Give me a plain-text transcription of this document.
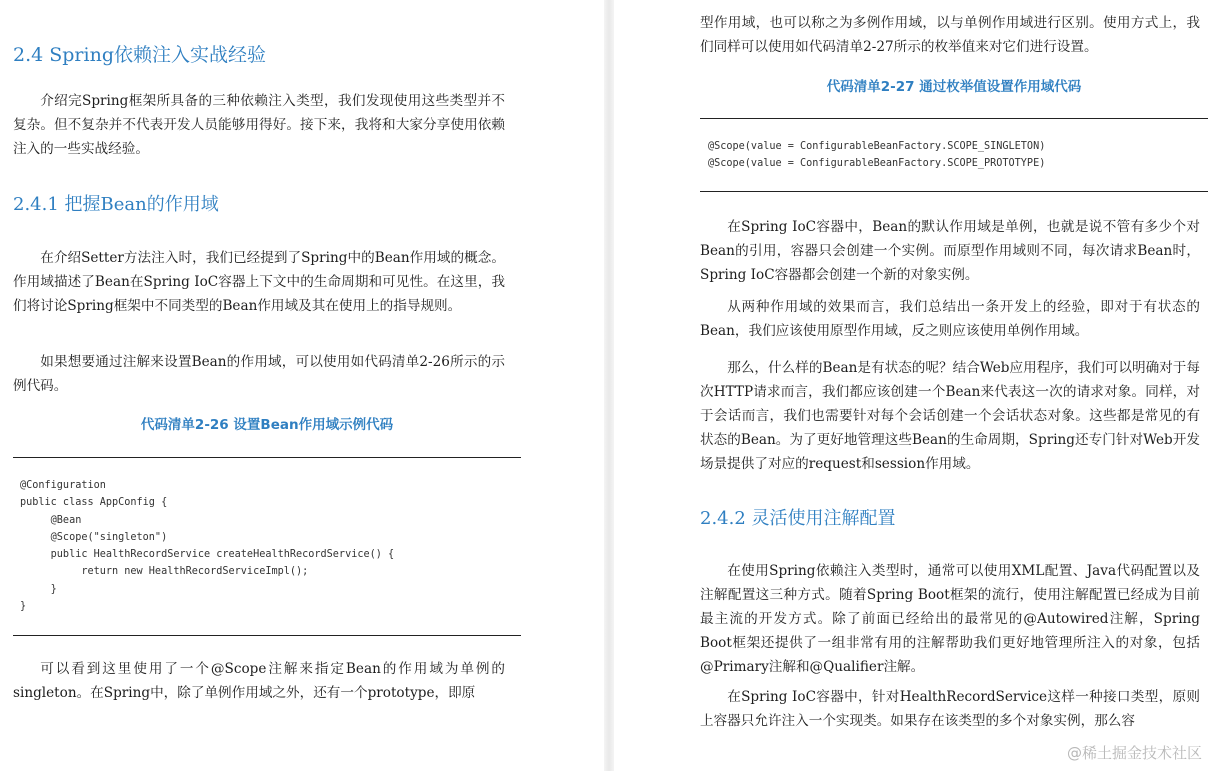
2.4 Spring依赖注入实战经验

介绍完Spring框架所具备的三种依赖注入类型，我们发现使用这些类型并不复杂。但不复杂并不代表开发人员能够用得好。接下来，我将和大家分享使用依赖注入的一些实战经验。

2.4.1 把握Bean的作用域

在介绍Setter方法注入时，我们已经提到了Spring中的Bean作用域的概念。作用域描述了Bean在Spring IoC容器上下文中的生命周期和可见性。在这里，我们将讨论Spring框架中不同类型的Bean作用域及其在使用上的指导规则。

如果想要通过注解来设置Bean的作用域，可以使用如代码清单2-26所示的示例代码。

代码清单2-26 设置Bean作用域示例代码
@Configuration
public class AppConfig {
@Bean
@Scope("singleton")
public HealthRecordService createHealthRecordService() {
return new HealthRecordServiceImpl();
}
}

可以看到这里使用了一个@Scope注解来指定Bean的作用域为单例的singleton。在Spring中，除了单例作用域之外，还有一个prototype，即原

型作用域，也可以称之为多例作用域，以与单例作用域进行区别。使用方式上，我们同样可以使用如代码清单2-27所示的枚举值来对它们进行设置。

代码清单2-27 通过枚举值设置作用域代码
@Scope(value = ConfigurableBeanFactory.SCOPE_SINGLETON)
@Scope(value = ConfigurableBeanFactory.SCOPE_PROTOTYPE)

在Spring IoC容器中，Bean的默认作用域是单例，也就是说不管有多少个对Bean的引用，容器只会创建一个实例。而原型作用域则不同，每次请求Bean时，Spring IoC容器都会创建一个新的对象实例。

从两种作用域的效果而言，我们总结出一条开发上的经验，即对于有状态的Bean，我们应该使用原型作用域，反之则应该使用单例作用域。

那么，什么样的Bean是有状态的呢？结合Web应用程序，我们可以明确对于每次HTTP请求而言，我们都应该创建一个Bean来代表这一次的请求对象。同样，对于会话而言，我们也需要针对每个会话创建一个会话状态对象。这些都是常见的有状态的Bean。为了更好地管理这些Bean的生命周期，Spring还专门针对Web开发场景提供了对应的request和session作用域。

2.4.2 灵活使用注解配置

在使用Spring依赖注入类型时，通常可以使用XML配置、Java代码配置以及注解配置这三种方式。随着Spring Boot框架的流行，使用注解配置已经成为目前最主流的开发方式。除了前面已经给出的最常见的@Autowired注解，Spring Boot框架还提供了一组非常有用的注解帮助我们更好地管理所注入的对象，包括@Primary注解和@Qualifier注解。

在Spring IoC容器中，针对HealthRecordService这样一种接口类型，原则上容器只允许注入一个实现类。如果存在该类型的多个对象实例，那么容

@稀土掘金技术社区
